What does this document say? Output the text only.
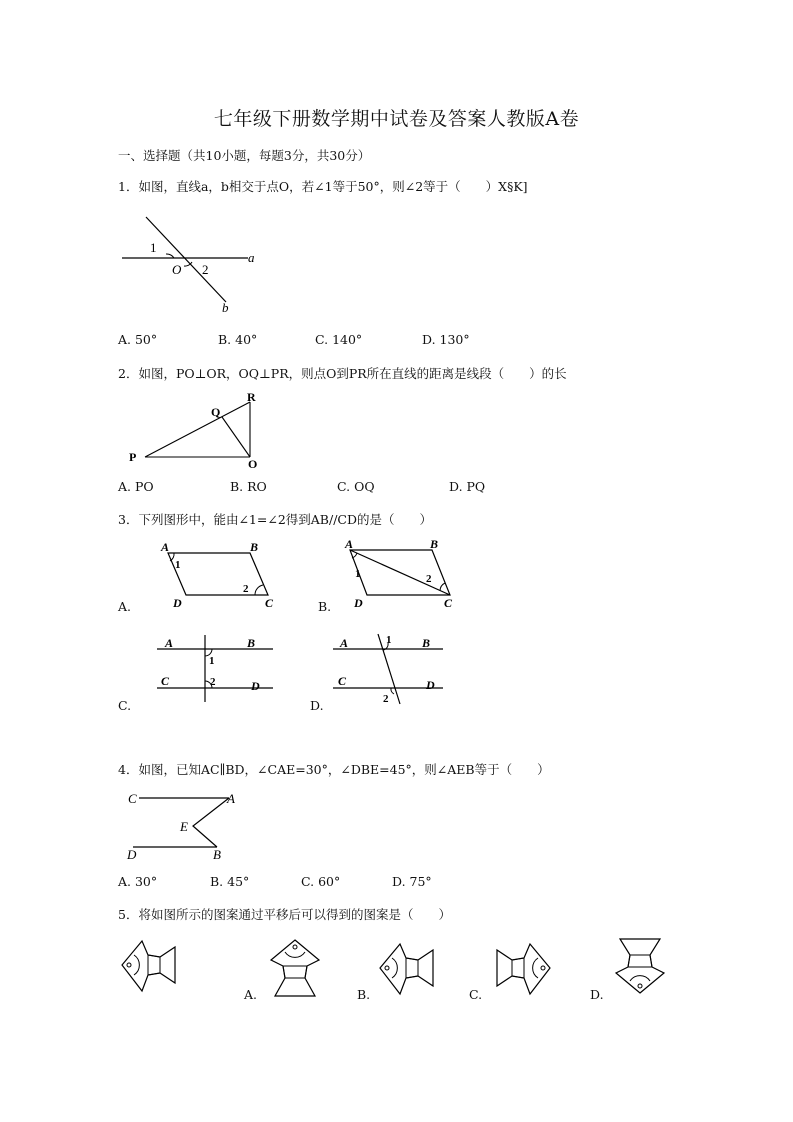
七年级下册数学期中试卷及答案人教版A卷
一、选择题（共10小题，每题3分，共30分）
1．如图，直线a，b相交于点O，若∠1等于50°，则∠2等于（　　）X§K]
1
O 2
a
b
A. 50°	B. 40°	C. 140°	D. 130°
2．如图，PO⊥OR，OQ⊥PR，则点O到PR所在直线的距离是线段（　　）的长
R
Q
P	O
A. PO	B. RO	C. OQ	D. PQ
3．下列图形中，能由∠1=∠2得到AB//CD的是（　　）
A.
A	B
C
D
1
2
B.
A	B
C
D
1	2
C.
A	B
C	D
1
2
D.
A	B
C	D
1
2
4．如图，已知AC∥BD，∠CAE=30°，∠DBE=45°，则∠AEB等于（　　）
C	A
E
D	B
A. 30°	B. 45°	C. 60°	D. 75°
5．将如图所示的图案通过平移后可以得到的图案是（　　）
A.	B.	C.	D.
